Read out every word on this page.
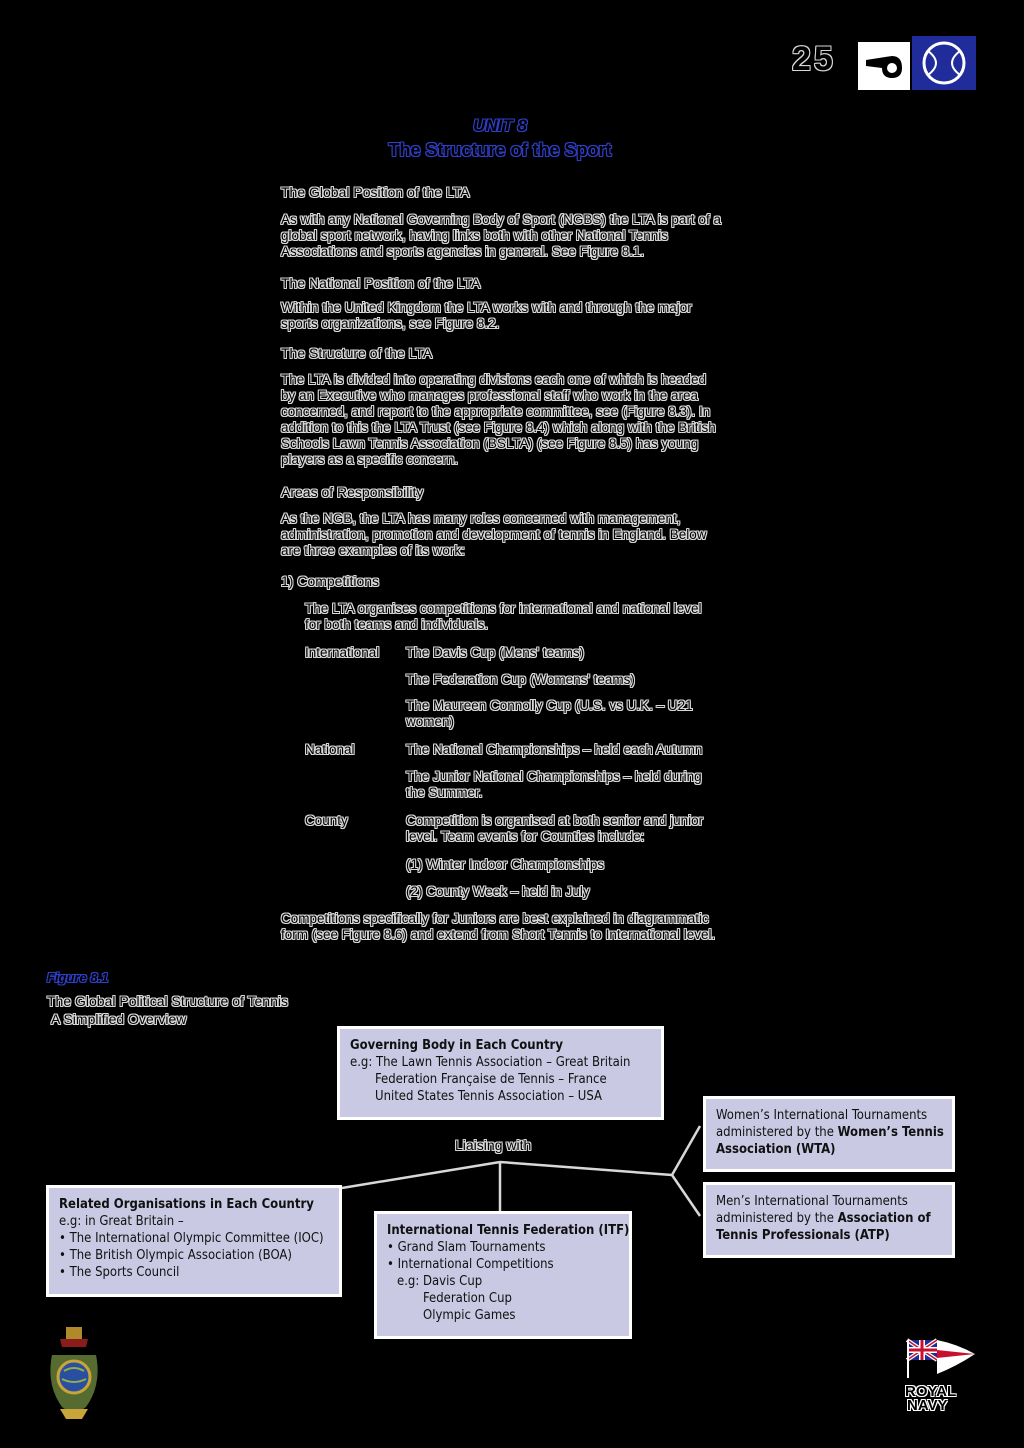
25
UNIT 8
The Structure of the Sport
The Global Position of the LTA
As with any National Governing Body of Sport (NGBS) the LTA is part of a global sport network, having links both with other National Tennis Associations and sports agencies in general. See Figure 8.1.
The National Position of the LTA
Within the United Kingdom the LTA works with and through the major sports organizations, see Figure 8.2.
The Structure of the LTA
The LTA is divided into operating divisions each one of which is headed by an Executive who manages professional staff who work in the area concerned, and report to the appropriate committee, see (Figure 8.3). In addition to this the LTA Trust (see Figure 8.4) which along with the British Schools Lawn Tennis Association (BSLTA) (see Figure 8.5) has young players as a specific concern.
Areas of Responsibility
As the NGB, the LTA has many roles concerned with management, administration, promotion and development of tennis in England. Below are three examples of its work:
1) Competitions
The LTA organises competitions for international and national level for both teams and individuals.
International The Davis Cup (Mens' teams)
The Federation Cup (Womens' teams)
The Maureen Connolly Cup (U.S. vs U.K. – U21 women)
National	The National Championships – held each Autumn
The Junior National Championships – held during the Summer.
County	Competition is organised at both senior and junior level. Team events for Counties include:
(1) Winter Indoor Championships
(2) County Week – held in July
Competitions specifically for Juniors are best explained in diagrammatic form (see Figure 8.6) and extend from Short Tennis to International level.
Figure 8.1
The Global Political Structure of Tennis
A Simplified Overview
Liaising with
Governing Body in Each Country
e.g: The Lawn Tennis Association – Great Britain
Federation Française de Tennis – France
United States Tennis Association – USA
Related Organisations in Each Country
e.g: in Great Britain –
• The International Olympic Committee (IOC)
• The British Olympic Association (BOA)
• The Sports Council
International Tennis Federation (ITF)
• Grand Slam Tournaments
• International Competitions
e.g: Davis Cup
Federation Cup
Olympic Games
Women’s International Tournaments
administered by the Women’s Tennis
Association (WTA)
Men’s International Tournaments
administered by the Association of
Tennis Professionals (ATP)
ROYAL
NAVY
